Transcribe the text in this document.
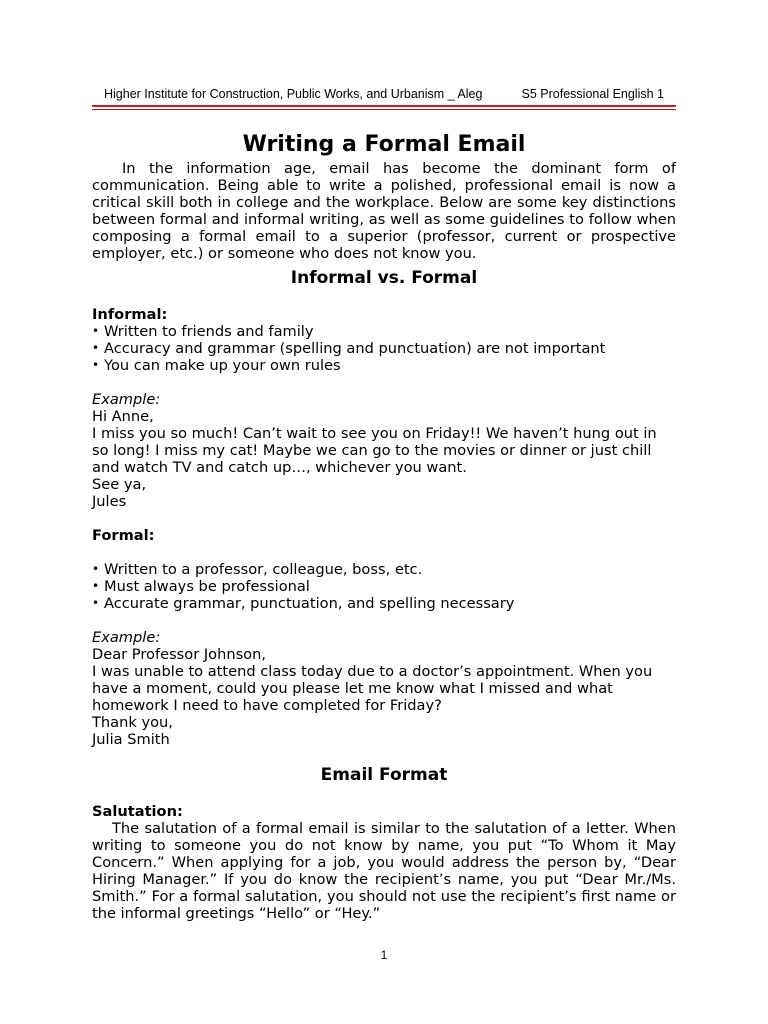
Higher Institute for Construction, Public Works, and Urbanism _ Aleg	S5 Professional English 1
Writing a Formal Email

In the information age, email has become the dominant form of communication. Being able to write a polished, professional email is now a critical skill both in college and the workplace. Below are some key distinctions between formal and informal writing, as well as some guidelines to follow when composing a formal email to a superior (professor, current or prospective employer, etc.) or someone who does not know you.

Informal vs. Formal

Informal:

• Written to friends and family
• Accuracy and grammar (spelling and punctuation) are not important
• You can make up your own rules

Example:

Hi Anne,

I miss you so much! Can’t wait to see you on Friday!! We haven’t hung out in so long! I miss my cat! Maybe we can go to the movies or dinner or just chill and watch TV and catch up…, whichever you want.

See ya,

Jules

Formal:

• Written to a professor, colleague, boss, etc.
• Must always be professional
• Accurate grammar, punctuation, and spelling necessary

Example:

Dear Professor Johnson,

I was unable to attend class today due to a doctor’s appointment. When you have a moment, could you please let me know what I missed and what homework I need to have completed for Friday?

Thank you,

Julia Smith

Email Format

Salutation:

The salutation of a formal email is similar to the salutation of a letter. When writing to someone you do not know by name, you put “To Whom it May Concern.” When applying for a job, you would address the person by, “Dear Hiring Manager.” If you do know the recipient’s name, you put “Dear Mr./Ms. Smith.” For a formal salutation, you should not use the recipient’s first name or the informal greetings “Hello” or “Hey.”

1
